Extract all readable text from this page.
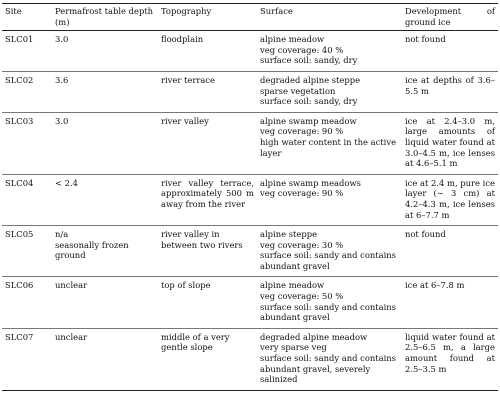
Site	Permafrost table depth (m)	Topography	Surface	Development of ground ice
SLC01	3.0	floodplain	alpine meadow
veg coverage: 40 %
surface soil: sandy, dry	not found
SLC02	3.6	river terrace	degraded alpine steppe
sparse vegetation
surface soil: sandy, dry	ice at depths of 3.6–5.5 m
SLC03	3.0	river valley	alpine swamp meadow
veg coverage: 90 %
high water content in the active layer	ice at 2.4–3.0 m, large amounts of liquid water found at 3.0–4.5 m, ice lenses at 4.6–5.1 m
SLC04	< 2.4	river valley terrace, approximately 500 m away from the river	alpine swamp meadows
veg coverage: 90 %	ice at 2.4 m, pure ice layer (∼ 3 cm) at 4.2–4.3 m, ice lenses at 6–7.7 m
SLC05	n/a
seasonally frozen ground	river valley in between two rivers	alpine steppe
veg coverage: 30 %
surface soil: sandy and contains abundant gravel	not found
SLC06	unclear	top of slope	alpine meadow
veg coverage: 50 %
surface soil: sandy and contains abundant gravel	ice at 6–7.8 m
SLC07	unclear	middle of a very gentle slope	degraded alpine meadow
very sparse veg
surface soil: sandy and contains abundant gravel, severely salinized	liquid water found at 2.5–6.5 m, a large amount found at 2.5–3.5 m
